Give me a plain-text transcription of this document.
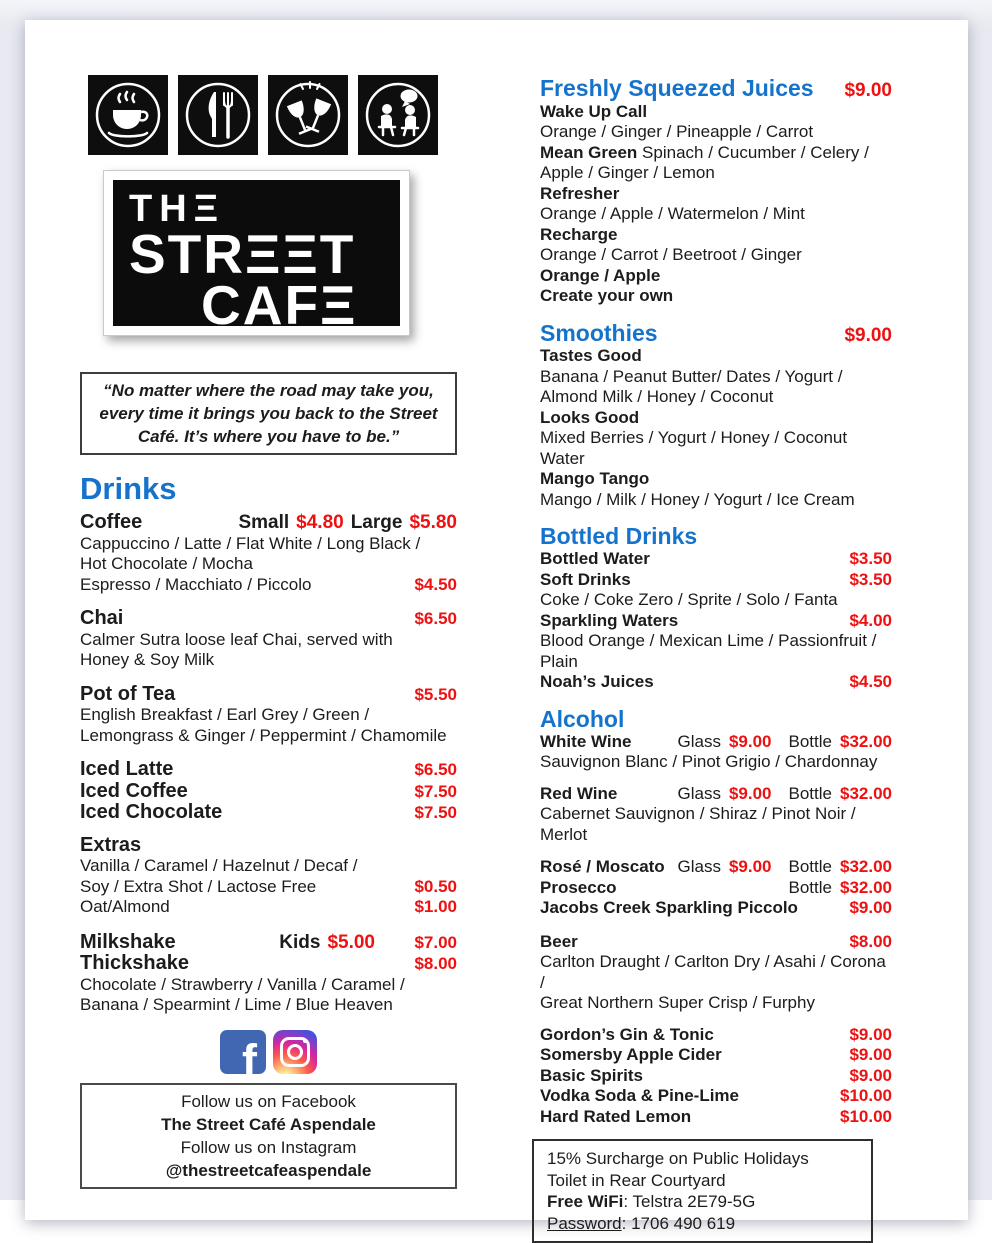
THΞ
STRΞΞT
CAFΞ
“No matter where the road may take you,
every time it brings you back to the Street
Café. It’s where you have to be.”
Drinks
Coffee	Small $4.80 Large $5.80
Cappuccino / Latte / Flat White / Long Black /
Hot Chocolate / Mocha
Espresso / Macchiato / Piccolo	$4.50
Chai	$6.50
Calmer Sutra loose leaf Chai, served with
Honey & Soy Milk
Pot of Tea	$5.50
English Breakfast / Earl Grey / Green /
Lemongrass & Ginger / Peppermint / Chamomile
Iced Latte	$6.50
Iced Coffee	$7.50
Iced Chocolate	$7.50
Extras
Vanilla / Caramel / Hazelnut / Decaf /
Soy / Extra Shot / Lactose Free	$0.50
Oat/Almond	$1.00
Milkshake	Kids $5.00	$7.00
Thickshake	$8.00
Chocolate / Strawberry / Vanilla / Caramel /
Banana / Spearmint / Lime / Blue Heaven
f
Follow us on Facebook
The Street Café Aspendale
Follow us on Instagram
@thestreetcafeaspendale
Freshly Squeezed Juices $9.00
Wake Up Call
Orange / Ginger / Pineapple / Carrot
Mean Green Spinach / Cucumber / Celery /
Apple / Ginger / Lemon
Refresher
Orange / Apple / Watermelon / Mint
Recharge
Orange / Carrot / Beetroot / Ginger
Orange / Apple
Create your own
Smoothies	$9.00
Tastes Good
Banana / Peanut Butter/ Dates / Yogurt /
Almond Milk / Honey / Coconut
Looks Good
Mixed Berries / Yogurt / Honey / Coconut Water
Mango Tango
Mango / Milk / Honey / Yogurt / Ice Cream
Bottled Drinks
Bottled Water	$3.50
Soft Drinks	$3.50
Coke / Coke Zero / Sprite / Solo / Fanta
Sparkling Waters	$4.00
Blood Orange / Mexican Lime / Passionfruit /
Plain
Noah’s Juices	$4.50
Alcohol
White Wine	Glass $9.00 Bottle $32.00
Sauvignon Blanc / Pinot Grigio / Chardonnay
Red Wine	Glass $9.00 Bottle $32.00
Cabernet Sauvignon / Shiraz / Pinot Noir / Merlot
Rosé / Moscato Glass $9.00 Bottle $32.00
Prosecco	Bottle $32.00
Jacobs Creek Sparkling Piccolo	$9.00
Beer	$8.00
Carlton Draught / Carlton Dry / Asahi / Corona /
Great Northern Super Crisp / Furphy
Gordon’s Gin & Tonic	$9.00
Somersby Apple Cider	$9.00
Basic Spirits	$9.00
Vodka Soda & Pine-Lime	$10.00
Hard Rated Lemon	$10.00
15% Surcharge on Public Holidays
Toilet in Rear Courtyard
Free WiFi: Telstra 2E79-5G
Password: 1706 490 619
